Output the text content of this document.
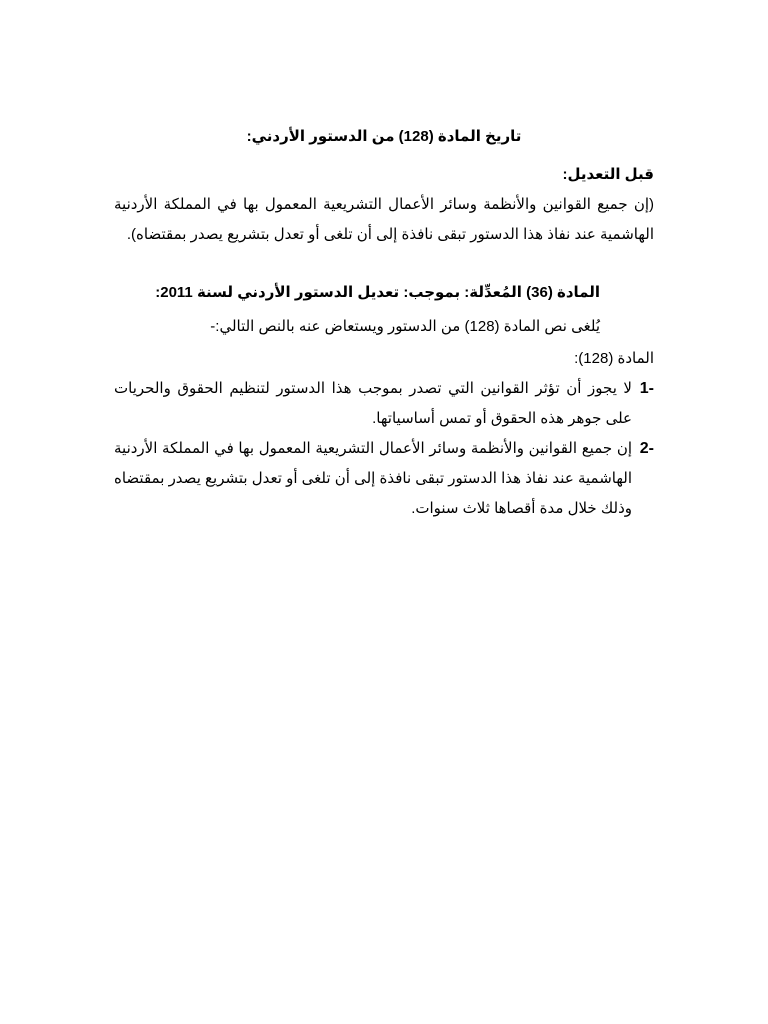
تاريخ المادة (128) من الدستور الأردني:

قبل التعديل:

(إن جميع القوانين والأنظمة وسائر الأعمال التشريعية المعمول بها في المملكة الأردنية الهاشمية عند نفاذ هذا الدستور تبقى نافذة إلى أن تلغى أو تعدل بتشريع يصدر بمقتضاه).

المادة (36) المُعدِّلة: بموجب: تعديل الدستور الأردني لسنة 2011:

يُلغى نص المادة (128) من الدستور ويستعاض عنه بالنص التالي:-

المادة (128):

-1
لا يجوز أن تؤثر القوانين التي تصدر بموجب هذا الدستور لتنظيم الحقوق والحريات على جوهر هذه الحقوق أو تمس أساسياتها.
-2
إن جميع القوانين والأنظمة وسائر الأعمال التشريعية المعمول بها في المملكة الأردنية الهاشمية عند نفاذ هذا الدستور تبقى نافذة إلى أن تلغى أو تعدل بتشريع يصدر بمقتضاه وذلك خلال مدة أقصاها ثلاث سنوات.
